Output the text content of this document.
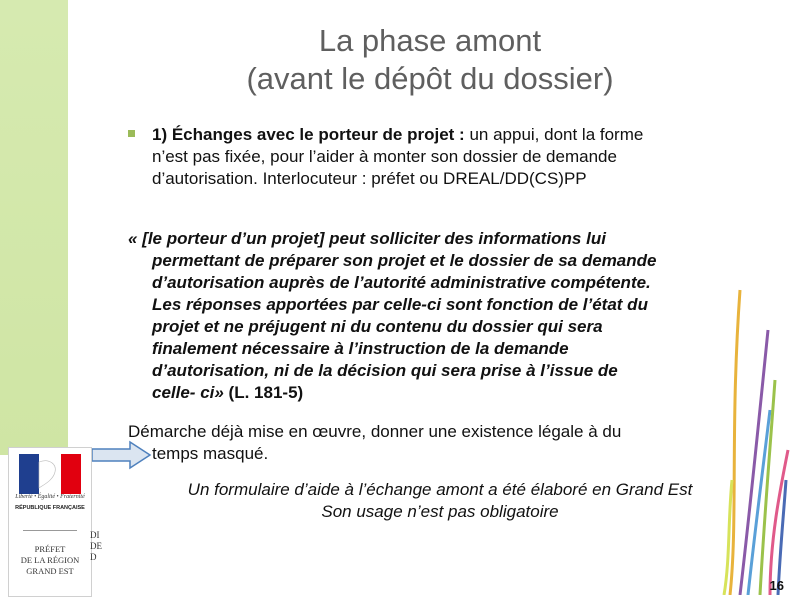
La phase amont
(avant le dépôt du dossier)
1) Échanges avec le porteur de projet : un appui, dont la forme
n’est pas fixée, pour l’aider à monter son dossier de demande
d’autorisation. Interlocuteur : préfet ou DREAL/DD(CS)PP
« [le porteur d’un projet] peut solliciter des informations lui
permettant de préparer son projet et le dossier de sa demande
d’autorisation auprès de l’autorité administrative compétente.
Les réponses apportées par celle-ci sont fonction de l’état du
projet et ne préjugent ni du contenu du dossier qui sera
finalement nécessaire à l’instruction de la demande
d’autorisation, ni de la décision qui sera prise à l’issue de
celle‑ ci» (L. 181-5)
Démarche déjà mise en œuvre, donner une existence légale à du
temps masqué.
Un formulaire d’aide à l’échange amont a été élaboré en Grand Est
Son usage n’est pas obligatoire
Liberté • Égalité • Fraternité
RÉPUBLIQUE FRANÇAISE
PRÉFET
DE LA RÉGION
GRAND EST
DI
DE
D
16
